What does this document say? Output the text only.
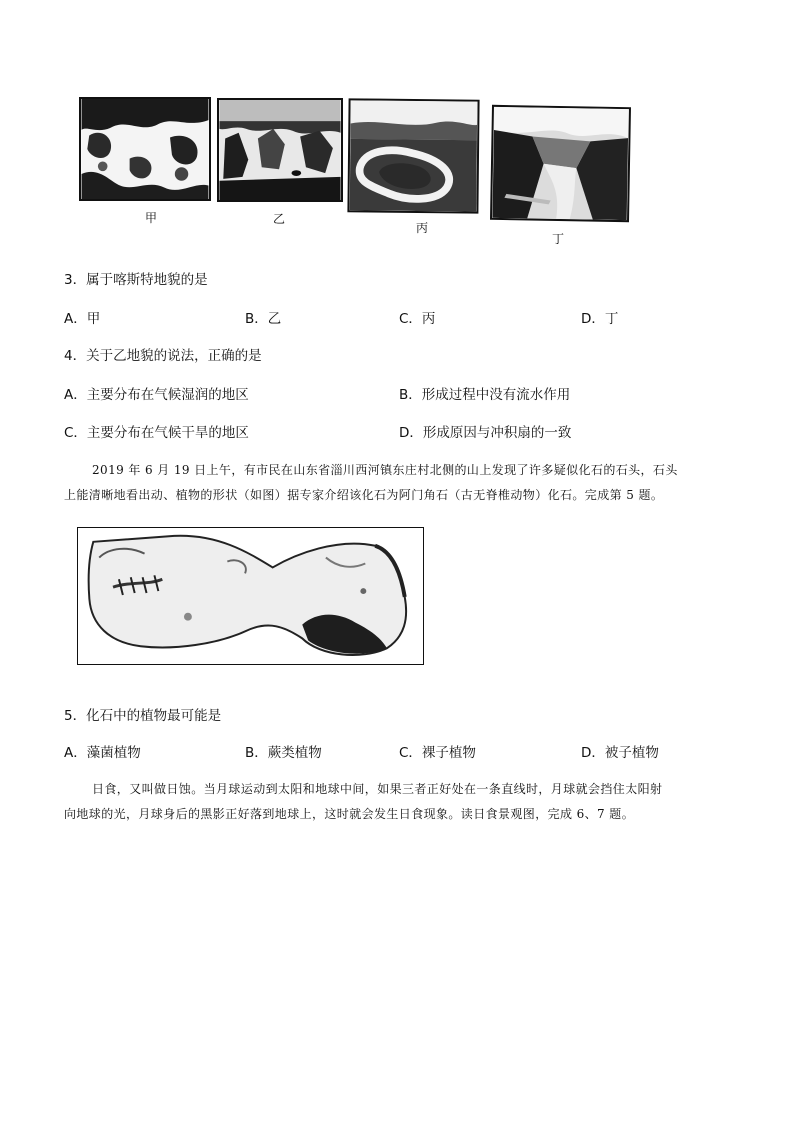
甲	乙
丙
丁
3．属于喀斯特地貌的是
A．甲	B．乙	C．丙	D．丁
4．关于乙地貌的说法，正确的是
A．主要分布在气候湿润的地区	B．形成过程中没有流水作用
C．主要分布在气候干旱的地区	D．形成原因与冲积扇的一致
2019 年 6 月 19 日上午，有市民在山东省淄川西河镇东庄村北侧的山上发现了许多疑似化石的石头，石头
上能清晰地看出动、植物的形状（如图）据专家介绍该化石为阿门角石（古无脊椎动物）化石。完成第 5 题。
5．化石中的植物最可能是
A．藻菌植物	B．蕨类植物	C．裸子植物	D．被子植物
日食，又叫做日蚀。当月球运动到太阳和地球中间，如果三者正好处在一条直线时，月球就会挡住太阳射
向地球的光，月球身后的黑影正好落到地球上，这时就会发生日食现象。读日食景观图，完成 6、7 题。
